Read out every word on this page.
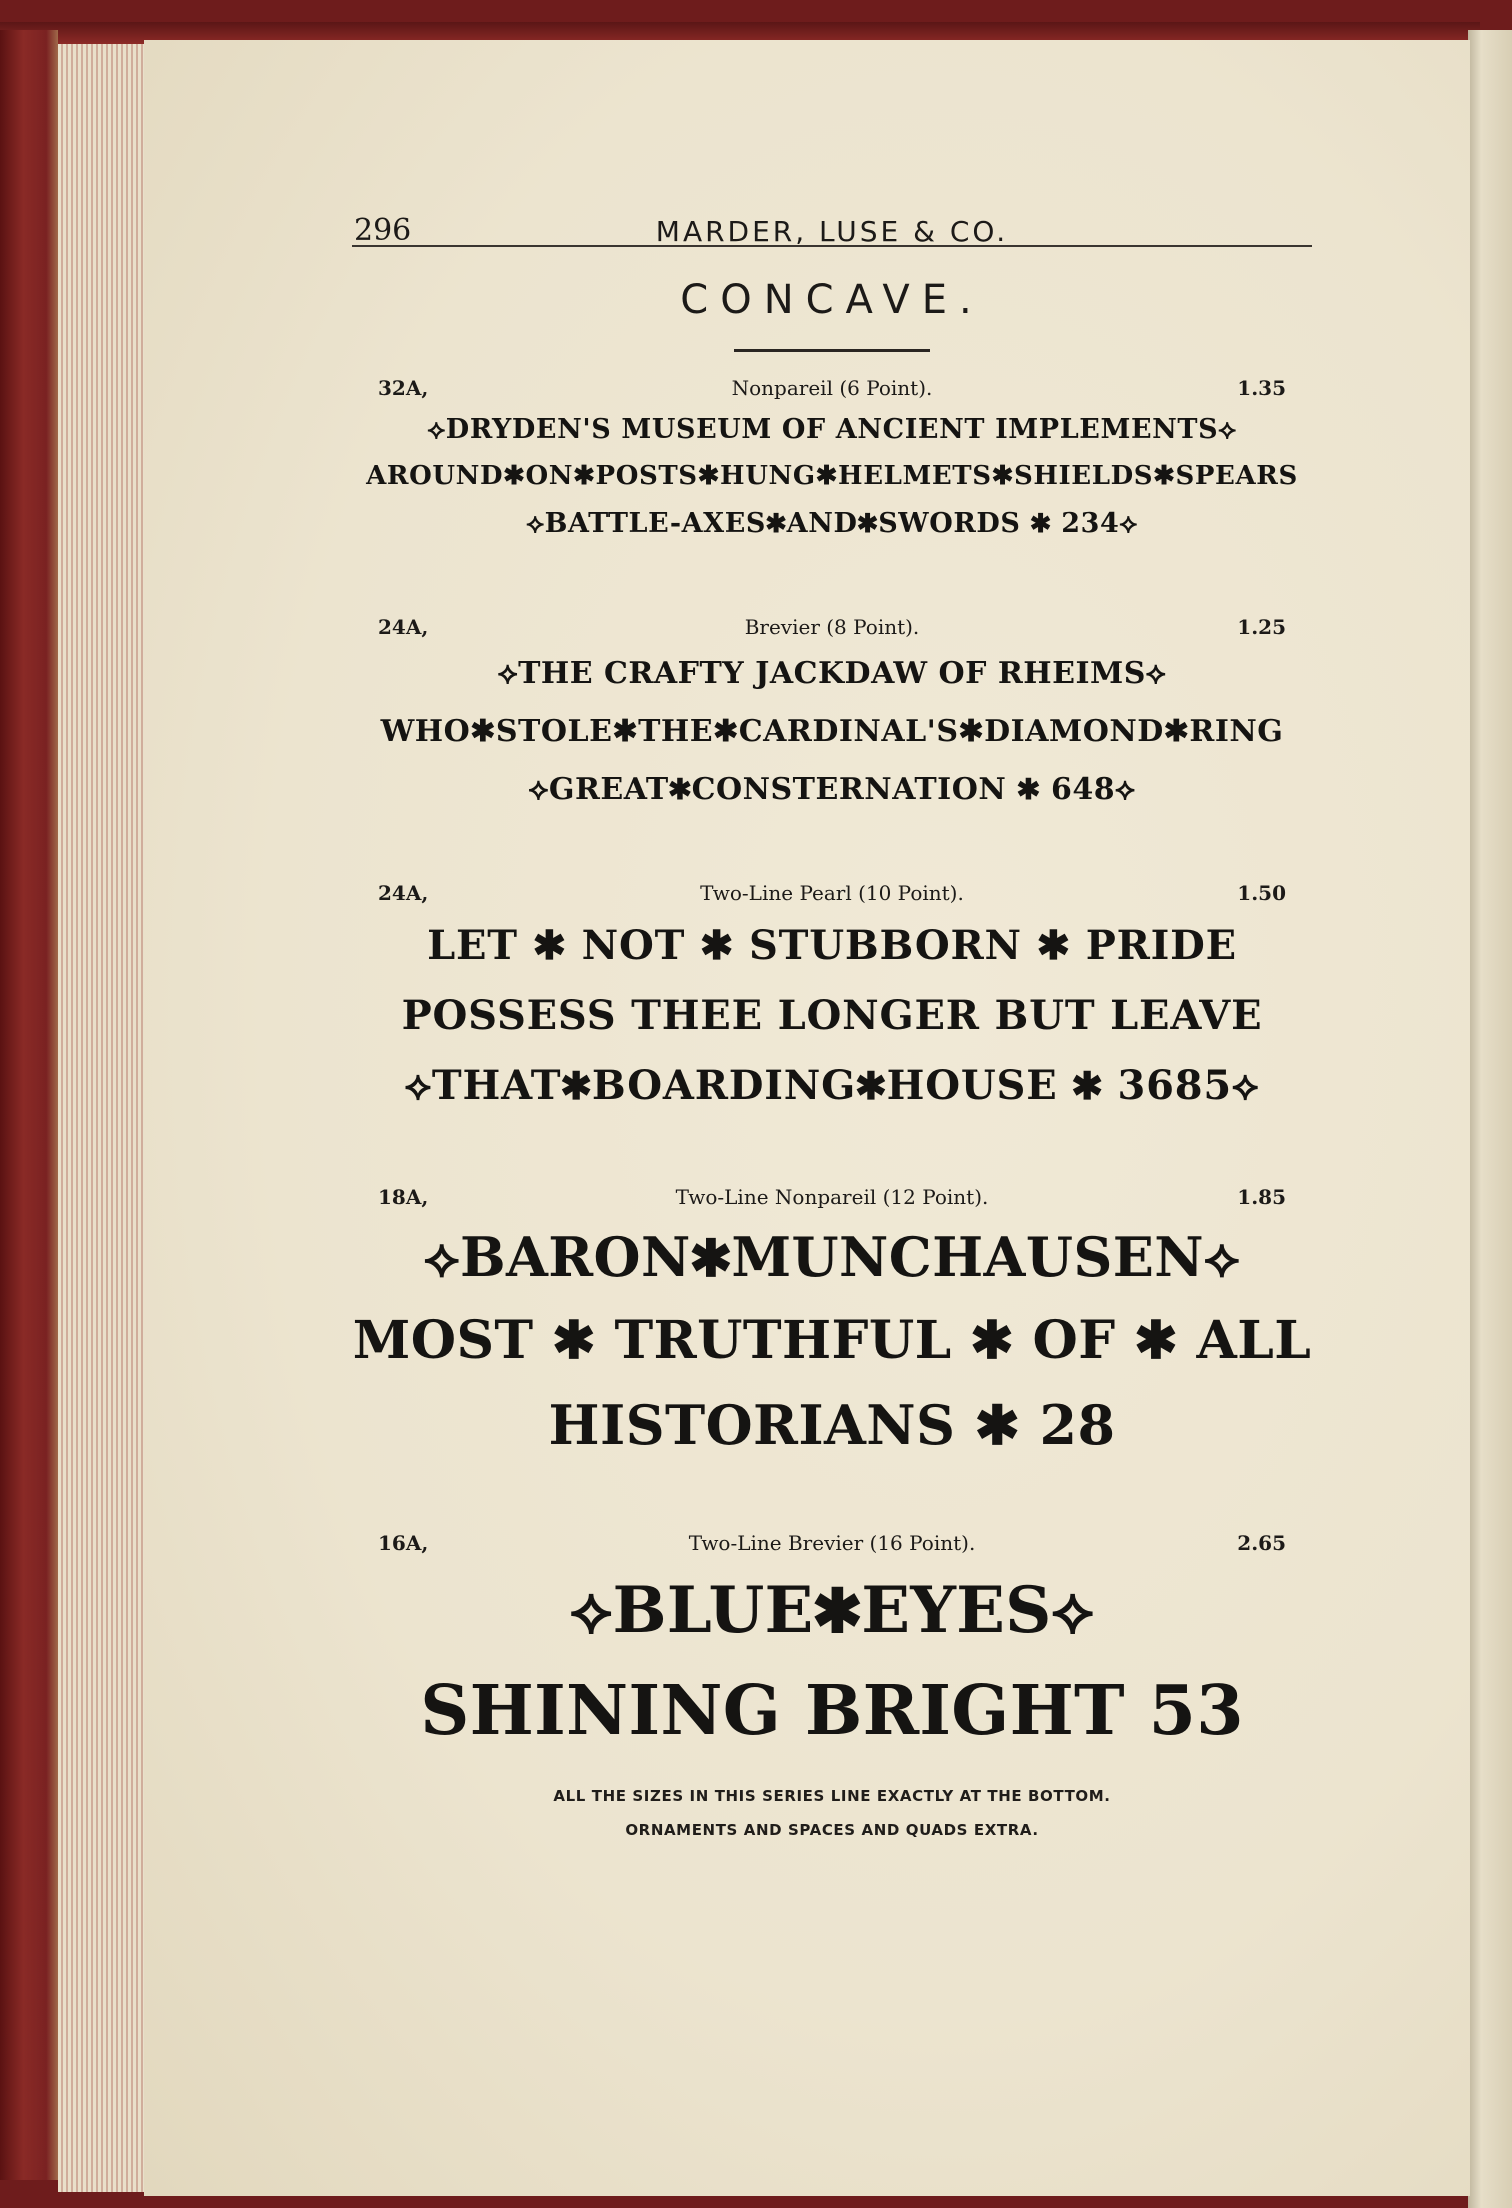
296	MARDER, LUSE & CO.
CONCAVE.
32A,	Nonpareil (6 Point).	1.35
⟡DRYDEN'S MUSEUM OF ANCIENT IMPLEMENTS⟡
AROUND✱ON✱POSTS✱HUNG✱HELMETS✱SHIELDS✱SPEARS
⟡BATTLE-AXES✱AND✱SWORDS ✱ 234⟡
24A,	Brevier (8 Point).	1.25
⟡THE CRAFTY JACKDAW OF RHEIMS⟡
WHO✱STOLE✱THE✱CARDINAL'S✱DIAMOND✱RING
⟡GREAT✱CONSTERNATION ✱ 648⟡
24A,	Two-Line Pearl (10 Point).	1.50
LET ✱ NOT ✱ STUBBORN ✱ PRIDE
POSSESS THEE LONGER BUT LEAVE
⟡THAT✱BOARDING✱HOUSE ✱ 3685⟡
18A,	Two-Line Nonpareil (12 Point).	1.85
⟡BARON✱MUNCHAUSEN⟡
MOST ✱ TRUTHFUL ✱ OF ✱ ALL
HISTORIANS ✱ 28
16A,	Two-Line Brevier (16 Point).	2.65
⟡BLUE✱EYES⟡
SHINING BRIGHT 53
ALL THE SIZES IN THIS SERIES LINE EXACTLY AT THE BOTTOM.
ORNAMENTS AND SPACES AND QUADS EXTRA.
